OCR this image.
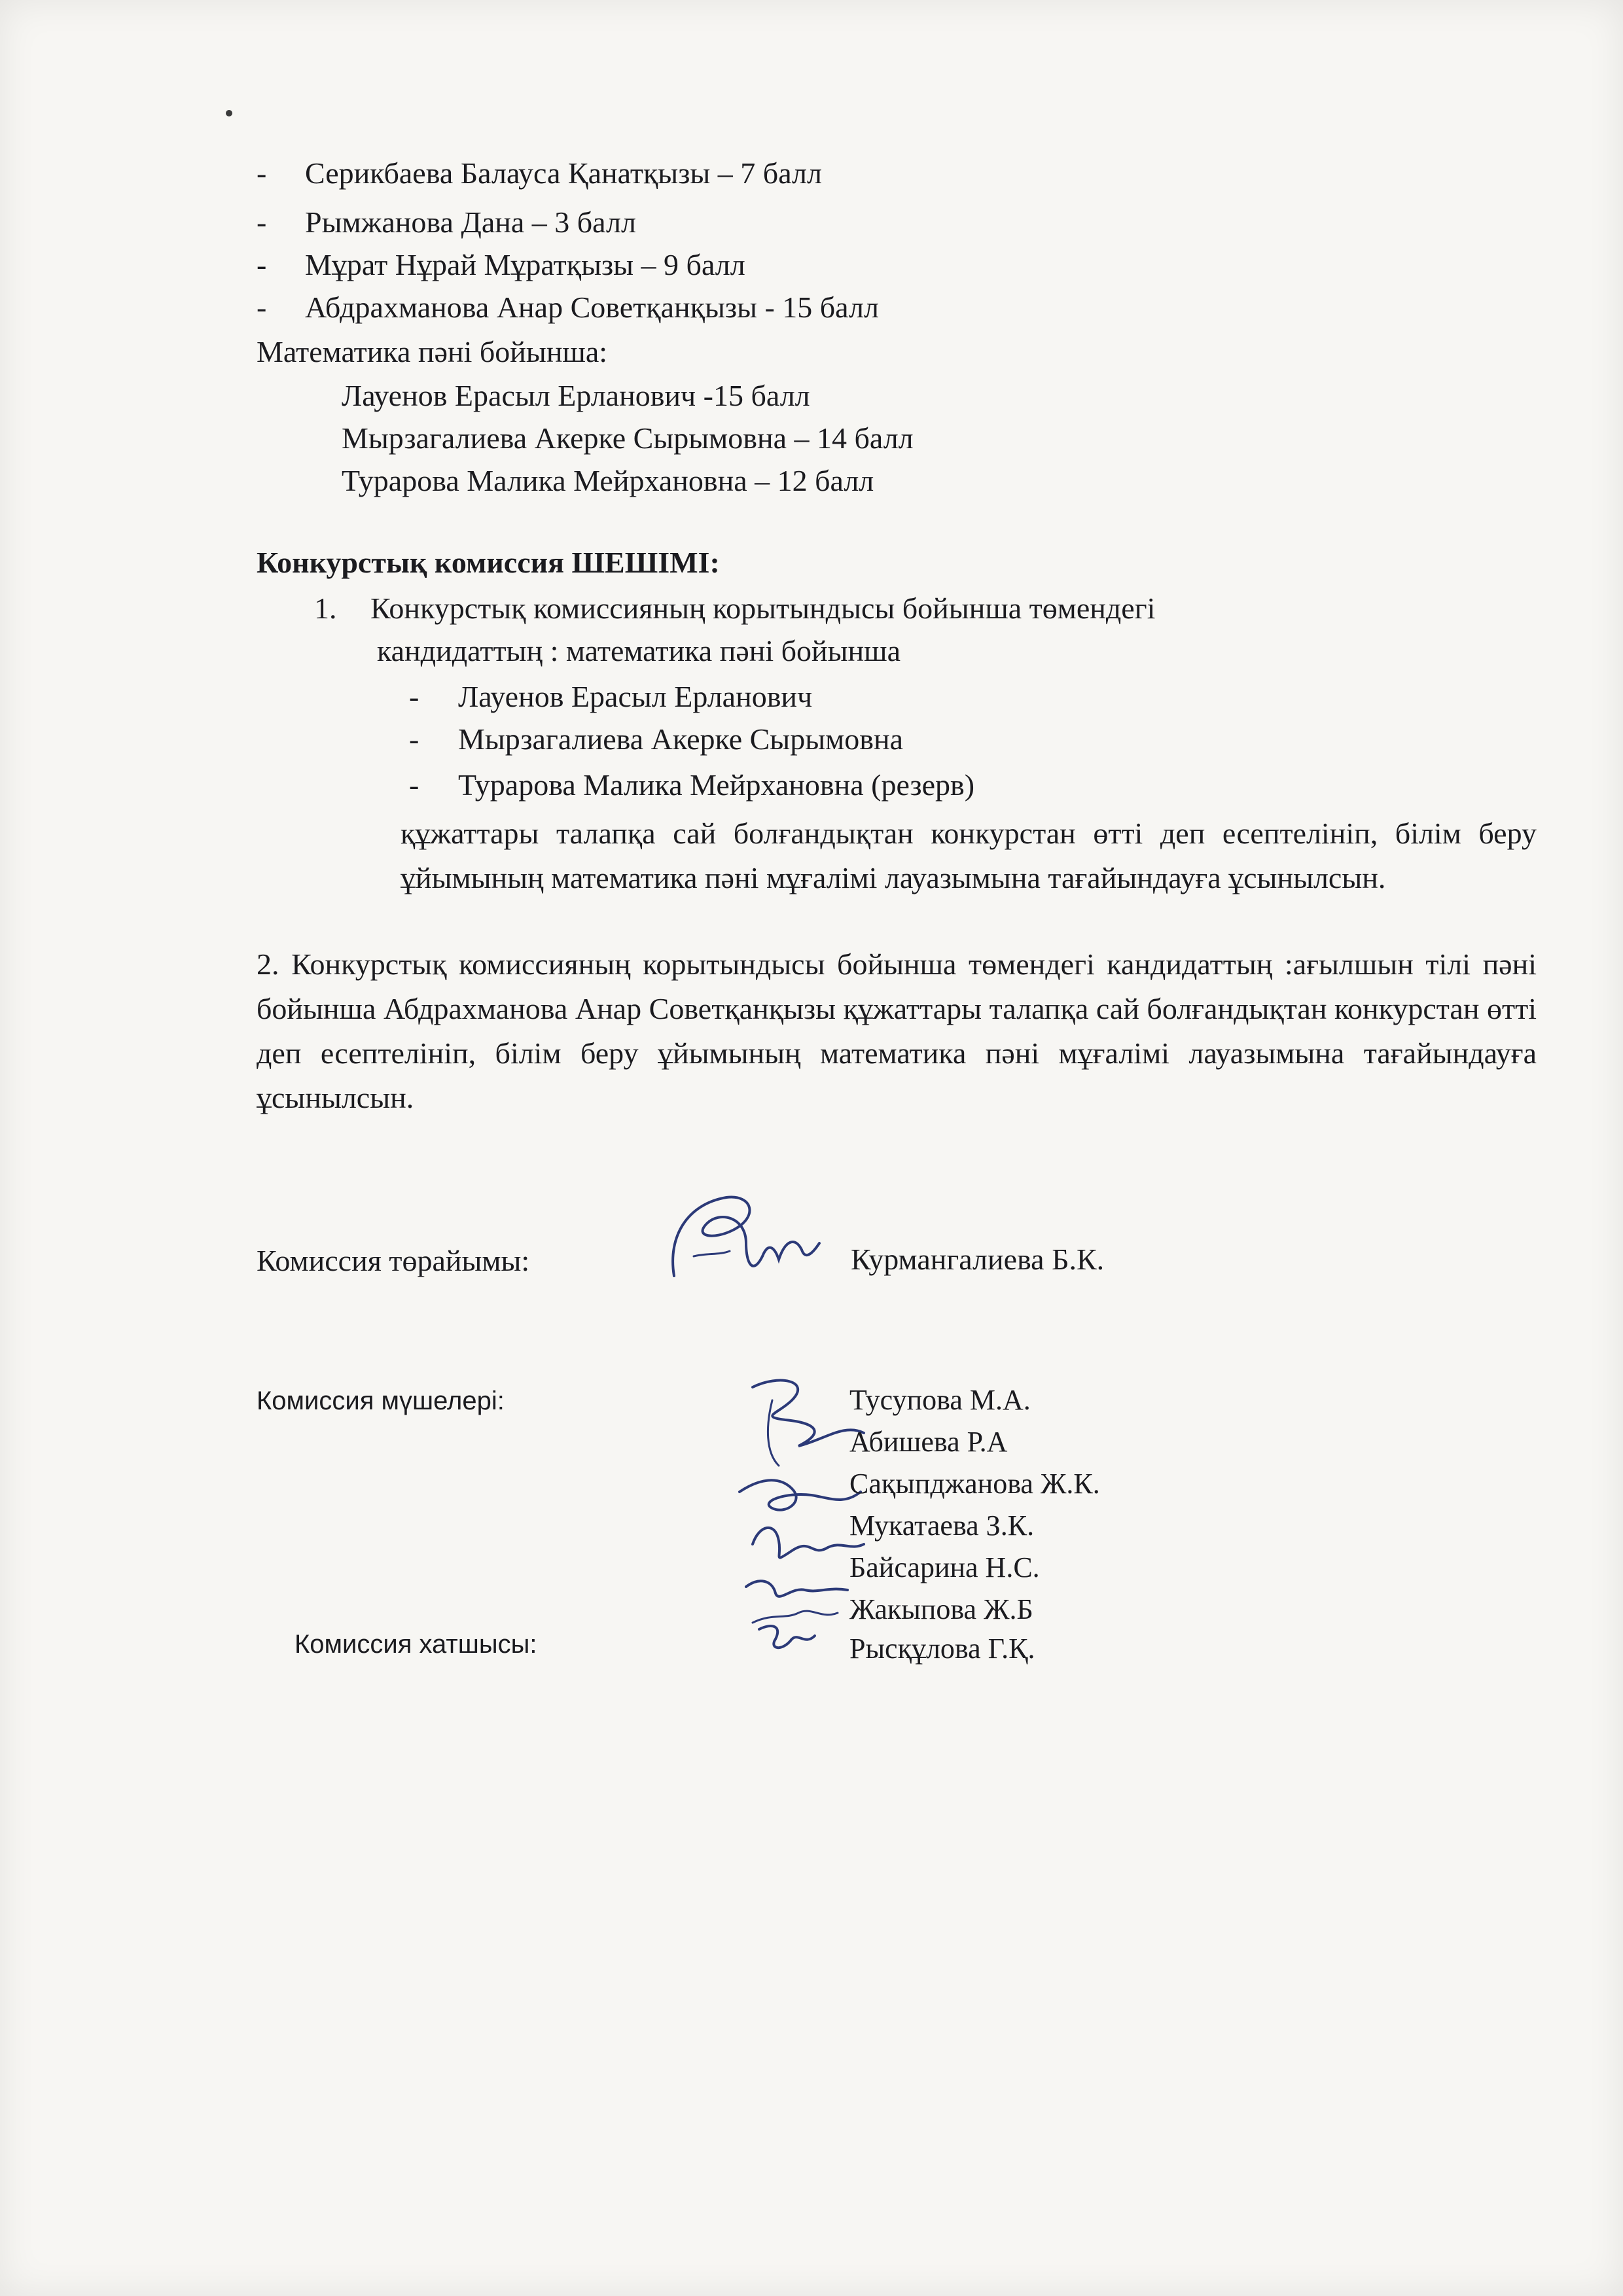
- Серикбаева Балауса Қанатқызы – 7 балл
- Рымжанова Дана – 3 балл
- Мұрат Нұрай Мұратқызы – 9 балл
- Абдрахманова Анар Советқанқызы - 15 балл
Математика пәні бойынша:
Лауенов Ерасыл Ерланович -15 балл
Мырзагалиева Акерке Сырымовна – 14 балл
Турарова Малика Мейрхановна – 12 балл
Конкурстық комиссия ШЕШІМІ:
1. Конкурстық комиссияның корытындысы бойынша төмендегі
кандидаттың : математика пәні бойынша
- Лауенов Ерасыл Ерланович
- Мырзагалиева Акерке Сырымовна
- Турарова Малика Мейрхановна (резерв)
құжаттары талапқа сай болғандықтан конкурстан өтті деп есептелініп, білім беру ұйымының математика пәні мұғалімі лауазымына тағайындауға ұсынылсын.
2. Конкурстық комиссияның корытындысы бойынша төмендегі кандидаттың :ағылшын тілі пәні бойынша Абдрахманова Анар Советқанқызы құжаттары талапқа сай болғандықтан конкурстан өтті деп есептелініп, білім беру ұйымының математика пәні мұғалімі лауазымына тағайындауға ұсынылсын.
Комиссия төрайымы:	Курмангалиева Б.К.
Комиссия мүшелері:	Тусупова М.А.
Абишева Р.А
Сақыпджанова Ж.К.
Мукатаева З.К.
Байсарина Н.С.
Жакыпова Ж.Б
Комиссия хатшысы:	Рысқұлова Г.Қ.
